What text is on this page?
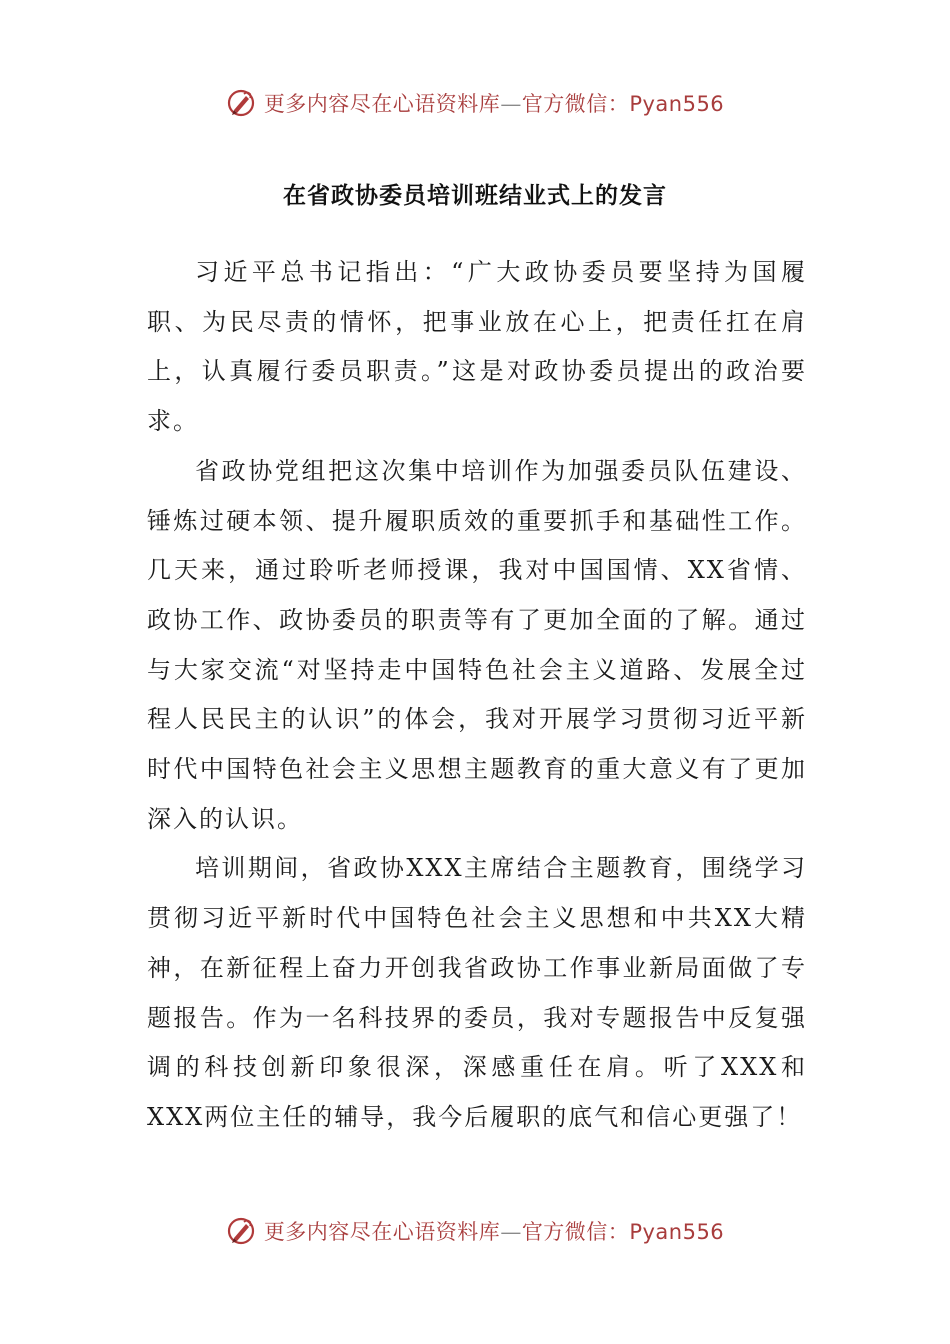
更多内容尽在心语资料库—官方微信：Pyan556
在省政协委员培训班结业式上的发言

习近平总书记指出：“广大政协委员要坚持为国履职、为民尽责的情怀，把事业放在心上，把责任扛在肩上，认真履行委员职责。”这是对政协委员提出的政治要求。

省政协党组把这次集中培训作为加强委员队伍建设、锤炼过硬本领、提升履职质效的重要抓手和基础性工作。几天来，通过聆听老师授课，我对中国国情、XX省情、政协工作、政协委员的职责等有了更加全面的了解。通过与大家交流“对坚持走中国特色社会主义道路、发展全过程人民民主的认识”的体会，我对开展学习贯彻习近平新时代中国特色社会主义思想主题教育的重大意义有了更加深入的认识。

培训期间，省政协XXX主席结合主题教育，围绕学习贯彻习近平新时代中国特色社会主义思想和中共XX大精神，在新征程上奋力开创我省政协工作事业新局面做了专题报告。作为一名科技界的委员，我对专题报告中反复强调的科技创新印象很深，深感重任在肩。听了XXX和XXX两位主任的辅导，我今后履职的底气和信心更强了！

更多内容尽在心语资料库—官方微信：Pyan556
